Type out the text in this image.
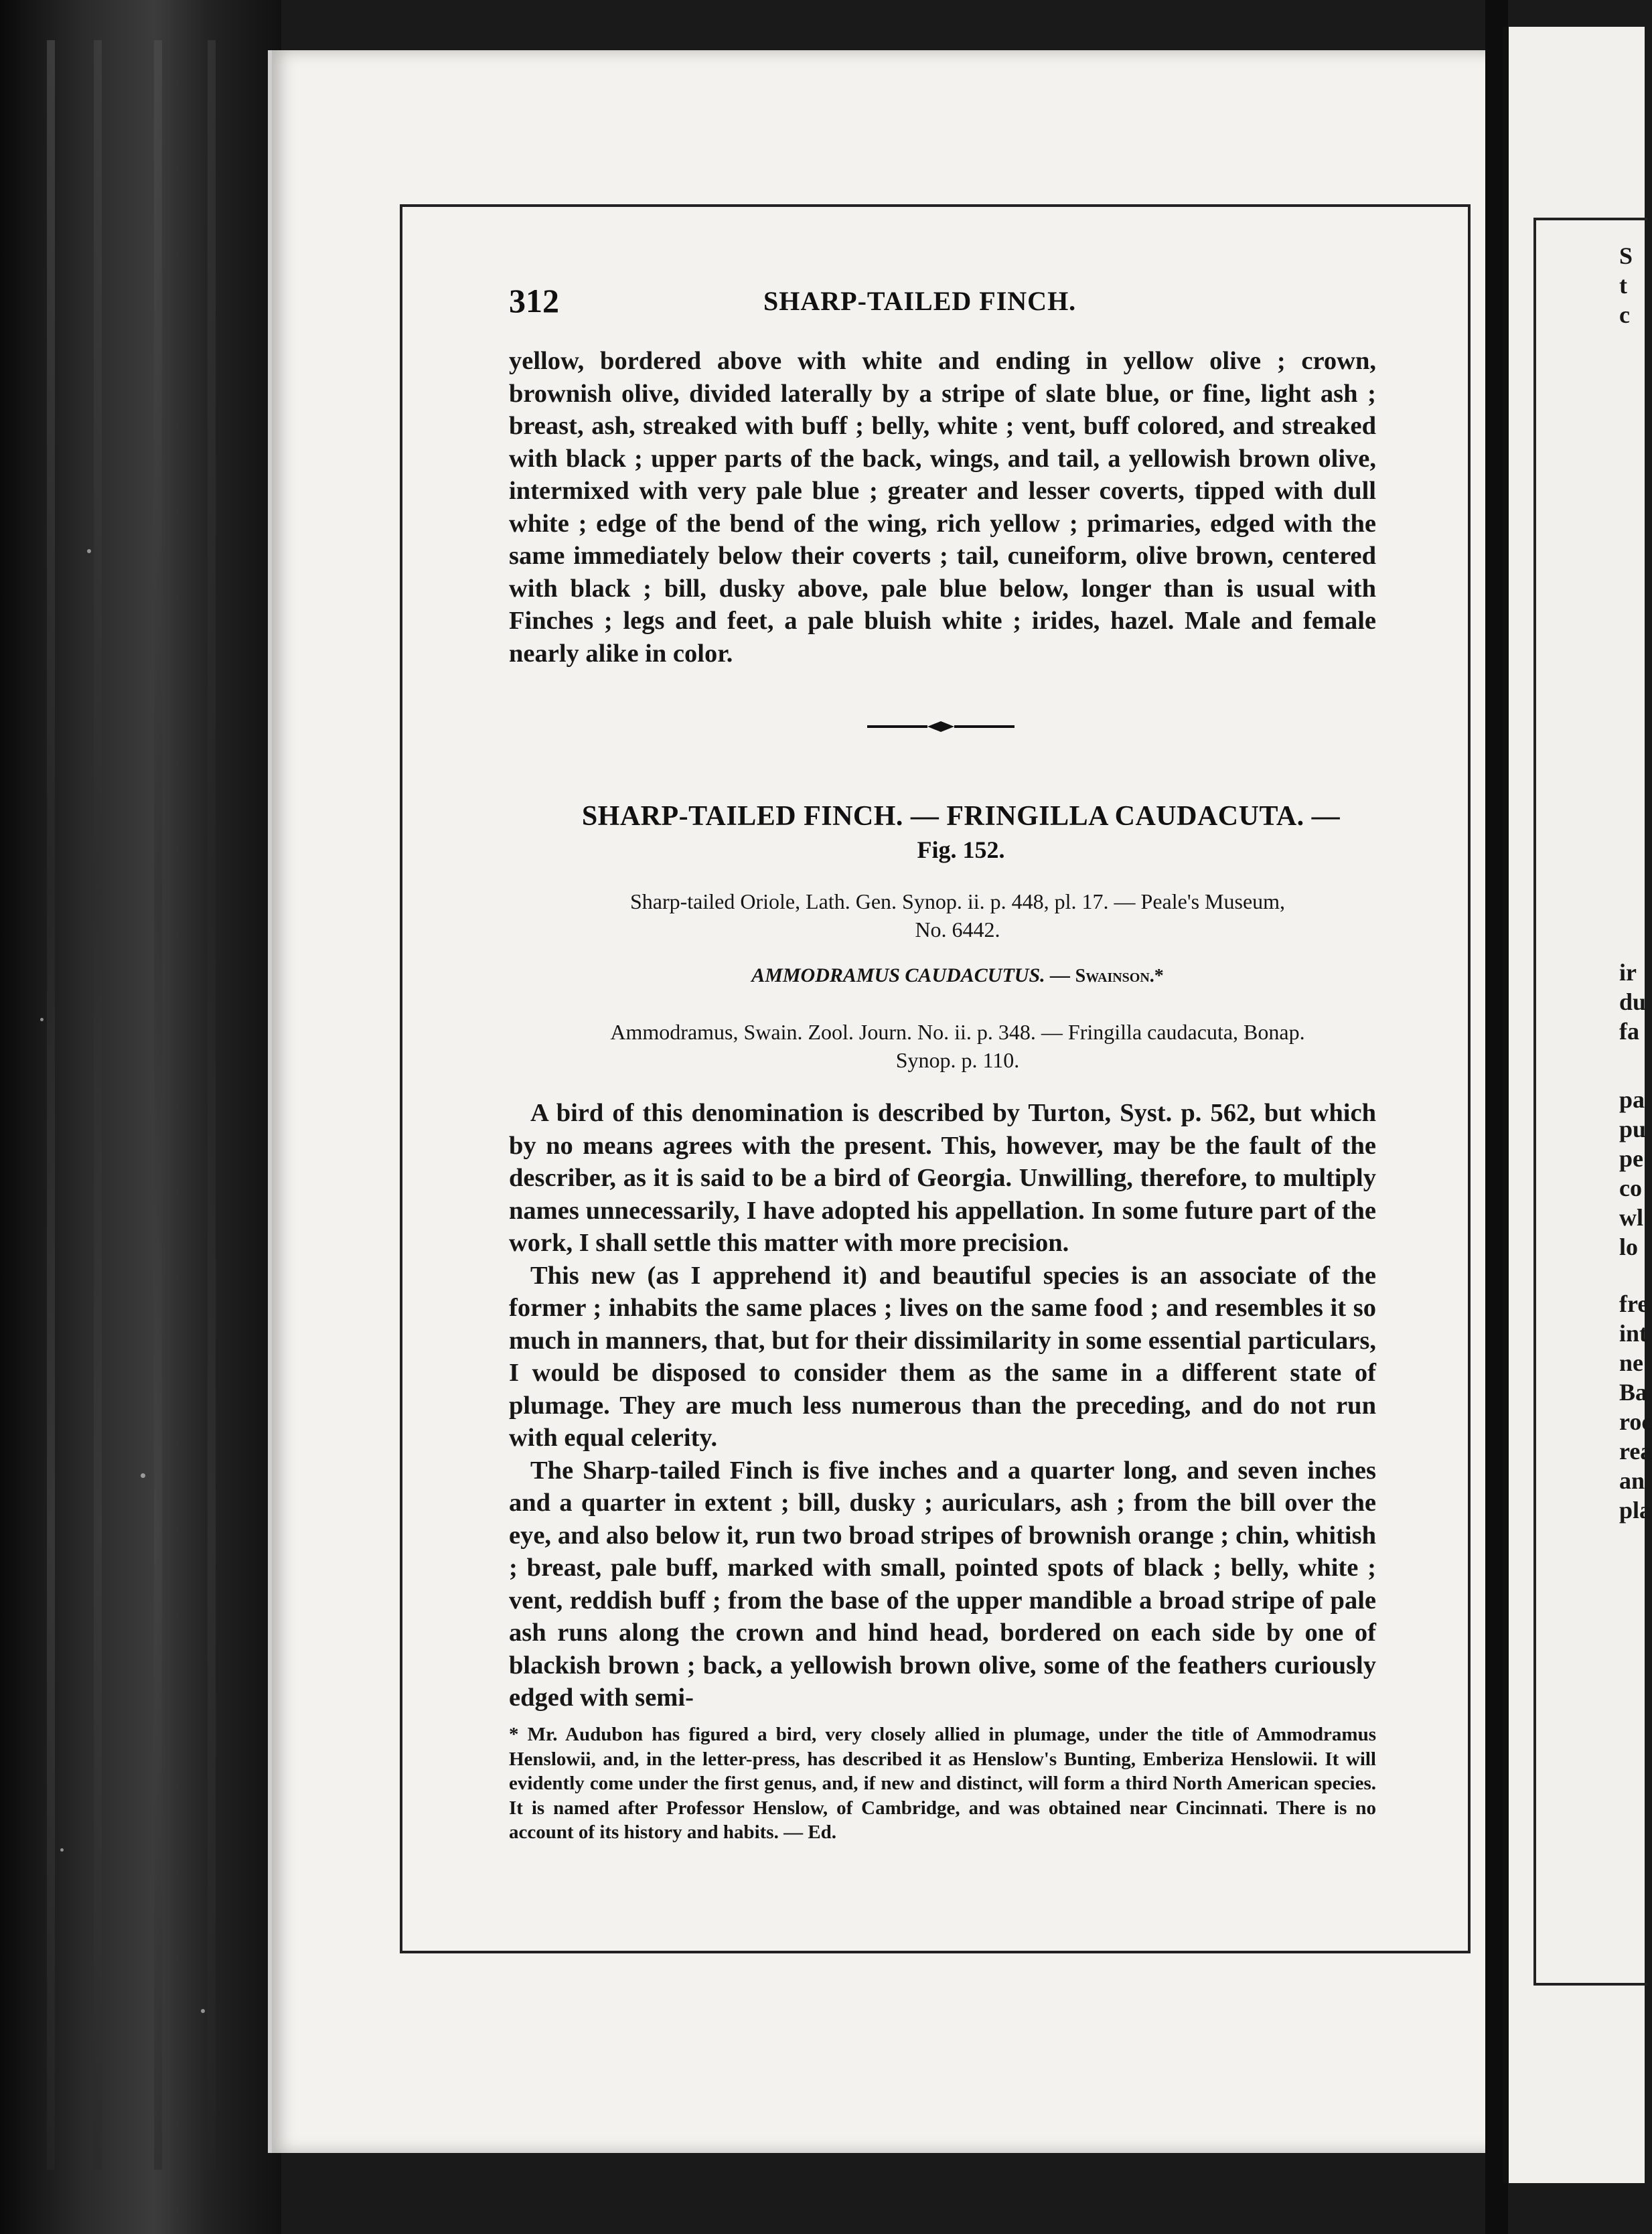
312	SHARP-TAILED FINCH.

yellow, bordered above with white and ending in yellow olive ; crown, brownish olive, divided laterally by a stripe of slate blue, or fine, light ash ; breast, ash, streaked with buff ; belly, white ; vent, buff colored, and streaked with black ; upper parts of the back, wings, and tail, a yellowish brown olive, intermixed with very pale blue ; greater and lesser coverts, tipped with dull white ; edge of the bend of the wing, rich yellow ; primaries, edged with the same immediately below their coverts ; tail, cuneiform, olive brown, centered with black ; bill, dusky above, pale blue below, longer than is usual with Finches ; legs and feet, a pale bluish white ; irides, hazel. Male and female nearly alike in color.

SHARP-TAILED FINCH. — FRINGILLA CAUDACUTA. —
Fig. 152.
Sharp-tailed Oriole, Lath. Gen. Synop. ii. p. 448, pl. 17. — Peale's Museum,
No. 6442.
AMMODRAMUS CAUDACUTUS. — Swainson.*
Ammodramus, Swain. Zool. Journ. No. ii. p. 348. — Fringilla caudacuta, Bonap.
Synop. p. 110.

A bird of this denomination is described by Turton, Syst. p. 562, but which by no means agrees with the present. This, however, may be the fault of the describer, as it is said to be a bird of Georgia. Unwilling, therefore, to multiply names unnecessarily, I have adopted his appellation. In some future part of the work, I shall settle this matter with more precision.

This new (as I apprehend it) and beautiful species is an associate of the former ; inhabits the same places ; lives on the same food ; and resembles it so much in manners, that, but for their dissimilarity in some essential particulars, I would be disposed to consider them as the same in a different state of plumage. They are much less numerous than the preceding, and do not run with equal celerity.

The Sharp-tailed Finch is five inches and a quarter long, and seven inches and a quarter in extent ; bill, dusky ; auriculars, ash ; from the bill over the eye, and also below it, run two broad stripes of brownish orange ; chin, whitish ; breast, pale buff, marked with small, pointed spots of black ; belly, white ; vent, reddish buff ; from the base of the upper mandible a broad stripe of pale ash runs along the crown and hind head, bordered on each side by one of blackish brown ; back, a yellowish brown olive, some of the feathers curiously edged with semi-

* Mr. Audubon has figured a bird, very closely allied in plumage, under the title of Ammodramus Henslowii, and, in the letter-press, has described it as Henslow's Bunting, Emberiza Henslowii. It will evidently come under the first genus, and, if new and distinct, will form a third North American species. It is named after Professor Henslow, of Cambridge, and was obtained near Cincinnati. There is no account of its history and habits. — Ed.
S
t
c
ir
du
fa
pa
pu
pe
co
wl
lo
fre
int
ne
Ba
roc
rea
an
pla
